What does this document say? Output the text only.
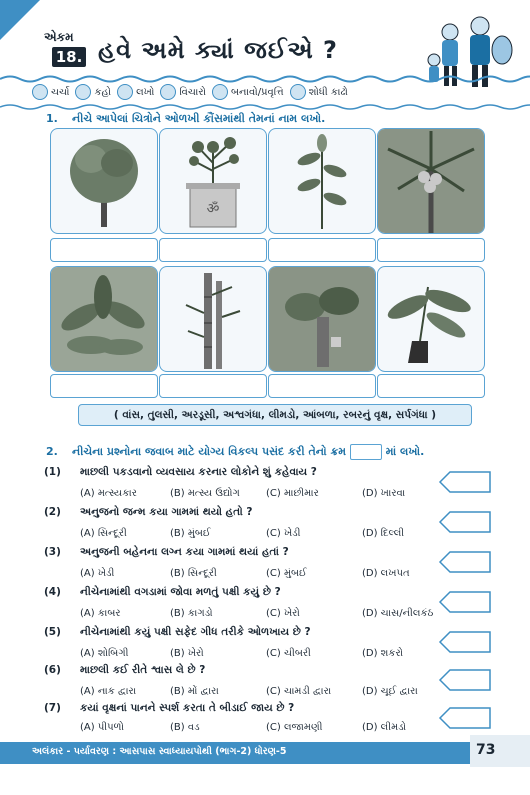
એકમ
18. હવે અમે ક્યાં જઈએ ?
ચર્ચા	કહો	લખો	વિચારો	બનાવો/પ્રવૃત્તિ	શોધી કાઢો
1. નીચે આપેલાં ચિત્રોને ઓળખી કૌંસમાંથી તેમનાં નામ લખો.
ॐ
( વાંસ, તુલસી, અરડૂસી, અશ્વગંધા, લીમડો, આંબળા, રબરનું વૃક્ષ, સર્પગંધા )
2. નીચેના પ્રશ્નોના જવાબ માટે યોગ્ય વિકલ્પ પસંદ કરી તેનો ક્રમ	માં લખો.
(1) માછલી પકડવાનો વ્યવસાય કરનાર લોકોને શું કહેવાય ?
(A) મત્સ્યકાર	(B) મત્સ્ય ઉદ્યોગ	(C) માછીમાર	(D) ખારવા
(2) અનુજનો જન્મ કયા ગામમાં થયો હતો ?
(A) સિન્દૂરી	(B) મુંબઈ	(C) ખેડી	(D) દિલ્લી
(3) અનુજની બહેનના લગ્ન કયા ગામમાં થયાં હતાં ?
(A) ખેડી	(B) સિન્દૂરી	(C) મુંબઈ	(D) લખપત
(4) નીચેનામાંથી વગડામાં જોવા મળતું પક્ષી કયું છે ?
(A) કાબર	(B) કાગડો	(C) ખેરો	(D) ચાસ/નીલકંઠ
(5) નીચેનામાંથી કયું પક્ષી સફેદ ગીધ તરીકે ઓળખાય છે ?
(A) શોબિગી	(B) ખેરો	(C) ચીબરી	(D) શકરો
(6) માછલી કઈ રીતે શ્વાસ લે છે ?
(A) નાક દ્વારા	(B) મોં દ્વારા	(C) ચામડી દ્વારા	(D) ચૂઈ દ્વારા
(7) કયાં વૃક્ષનાં પાનને સ્પર્શ કરતા તે બીડાઈ જાય છે ?
(A) પીપળો	(B) વડ	(C) લજામણી	(D) લીમડો
અલંકાર - પર્યાવરણ : આસપાસ સ્વાધ્યાયપોથી (ભાગ-2) ધોરણ-5	73
